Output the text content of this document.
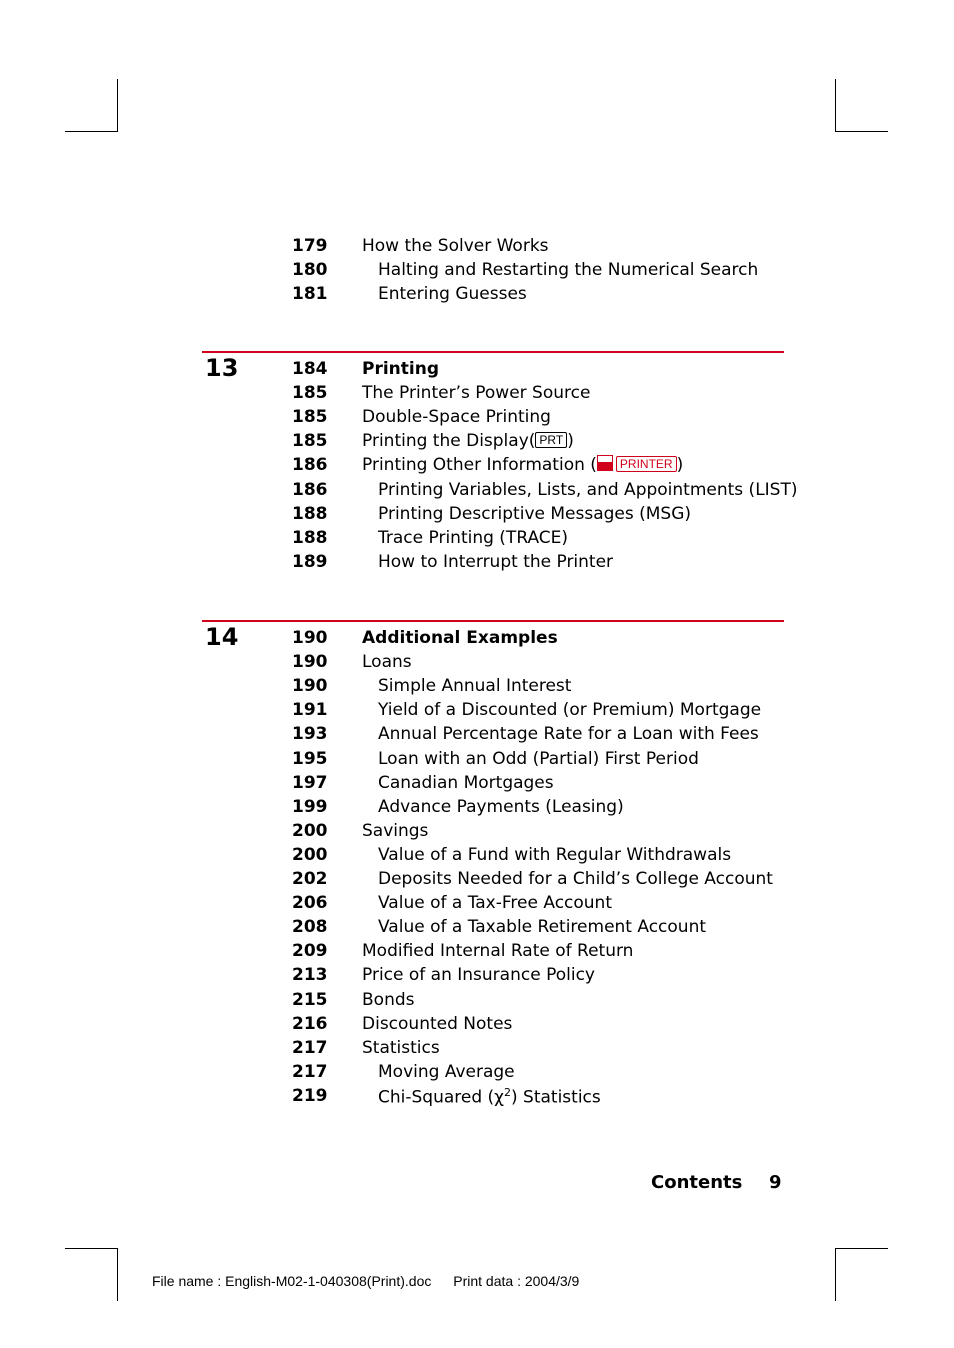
179 How the Solver Works
180	Halting and Restarting the Numerical Search
181	Entering Guesses
13	184 Printing
185 The Printer’s Power Source
185 Double-Space Printing
185 Printing the Display( PRT )
186 Printing Other Information ( PRINTER )
186	Printing Variables, Lists, and Appointments (LIST)
188	Printing Descriptive Messages (MSG)
188	Trace Printing (TRACE)
189	How to Interrupt the Printer
14	190 Additional Examples
190 Loans
190	Simple Annual Interest
191	Yield of a Discounted (or Premium) Mortgage
193	Annual Percentage Rate for a Loan with Fees
195	Loan with an Odd (Partial) First Period
197	Canadian Mortgages
199	Advance Payments (Leasing)
200 Savings
200	Value of a Fund with Regular Withdrawals
202	Deposits Needed for a Child’s College Account
206	Value of a Tax-Free Account
208	Value of a Taxable Retirement Account
209 Modified Internal Rate of Return
213 Price of an Insurance Policy
215 Bonds
216 Discounted Notes
217 Statistics
217	Moving Average
219	Chi-Squared $(\chi^2)$ Statistics
Contents 9
File name : English-M02-1-040308(Print).doc Print data : 2004/3/9
